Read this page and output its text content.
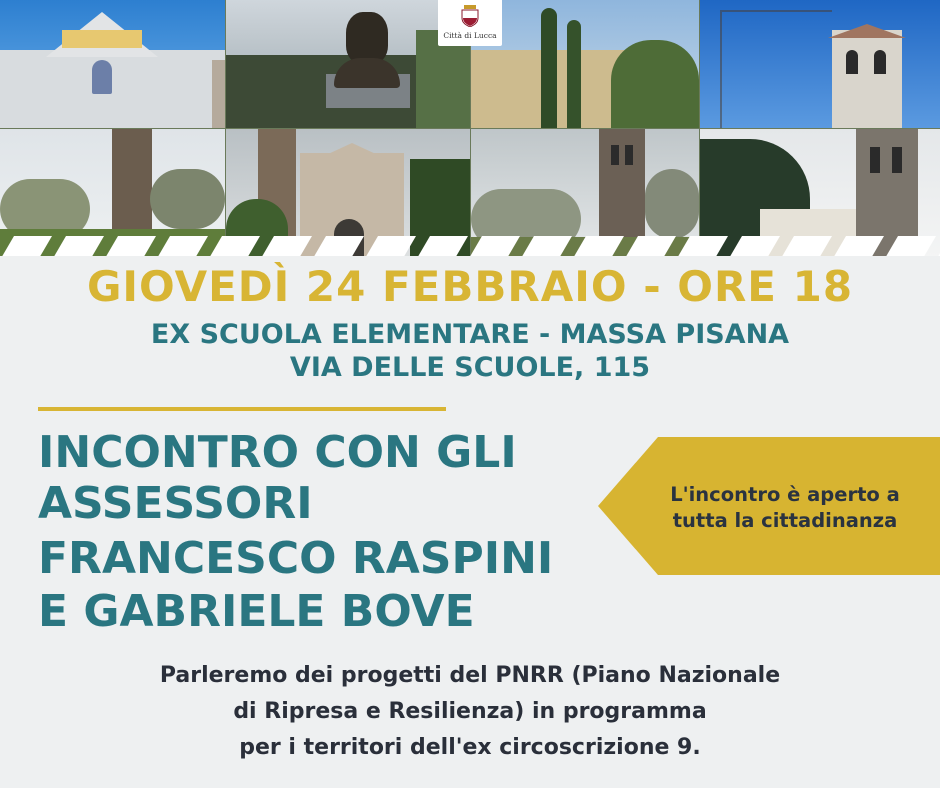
Città di Lucca
GIOVEDÌ 24 FEBBRAIO - ORE 18
EX SCUOLA ELEMENTARE - MASSA PISANA
VIA DELLE SCUOLE, 115
INCONTRO CON GLI
ASSESSORI
FRANCESCO RASPINI
E GABRIELE BOVE
L'incontro è aperto a
tutta la cittadinanza
Parleremo dei progetti del PNRR (Piano Nazionale
di Ripresa e Resilienza) in programma
per i territori dell'ex circoscrizione 9.
